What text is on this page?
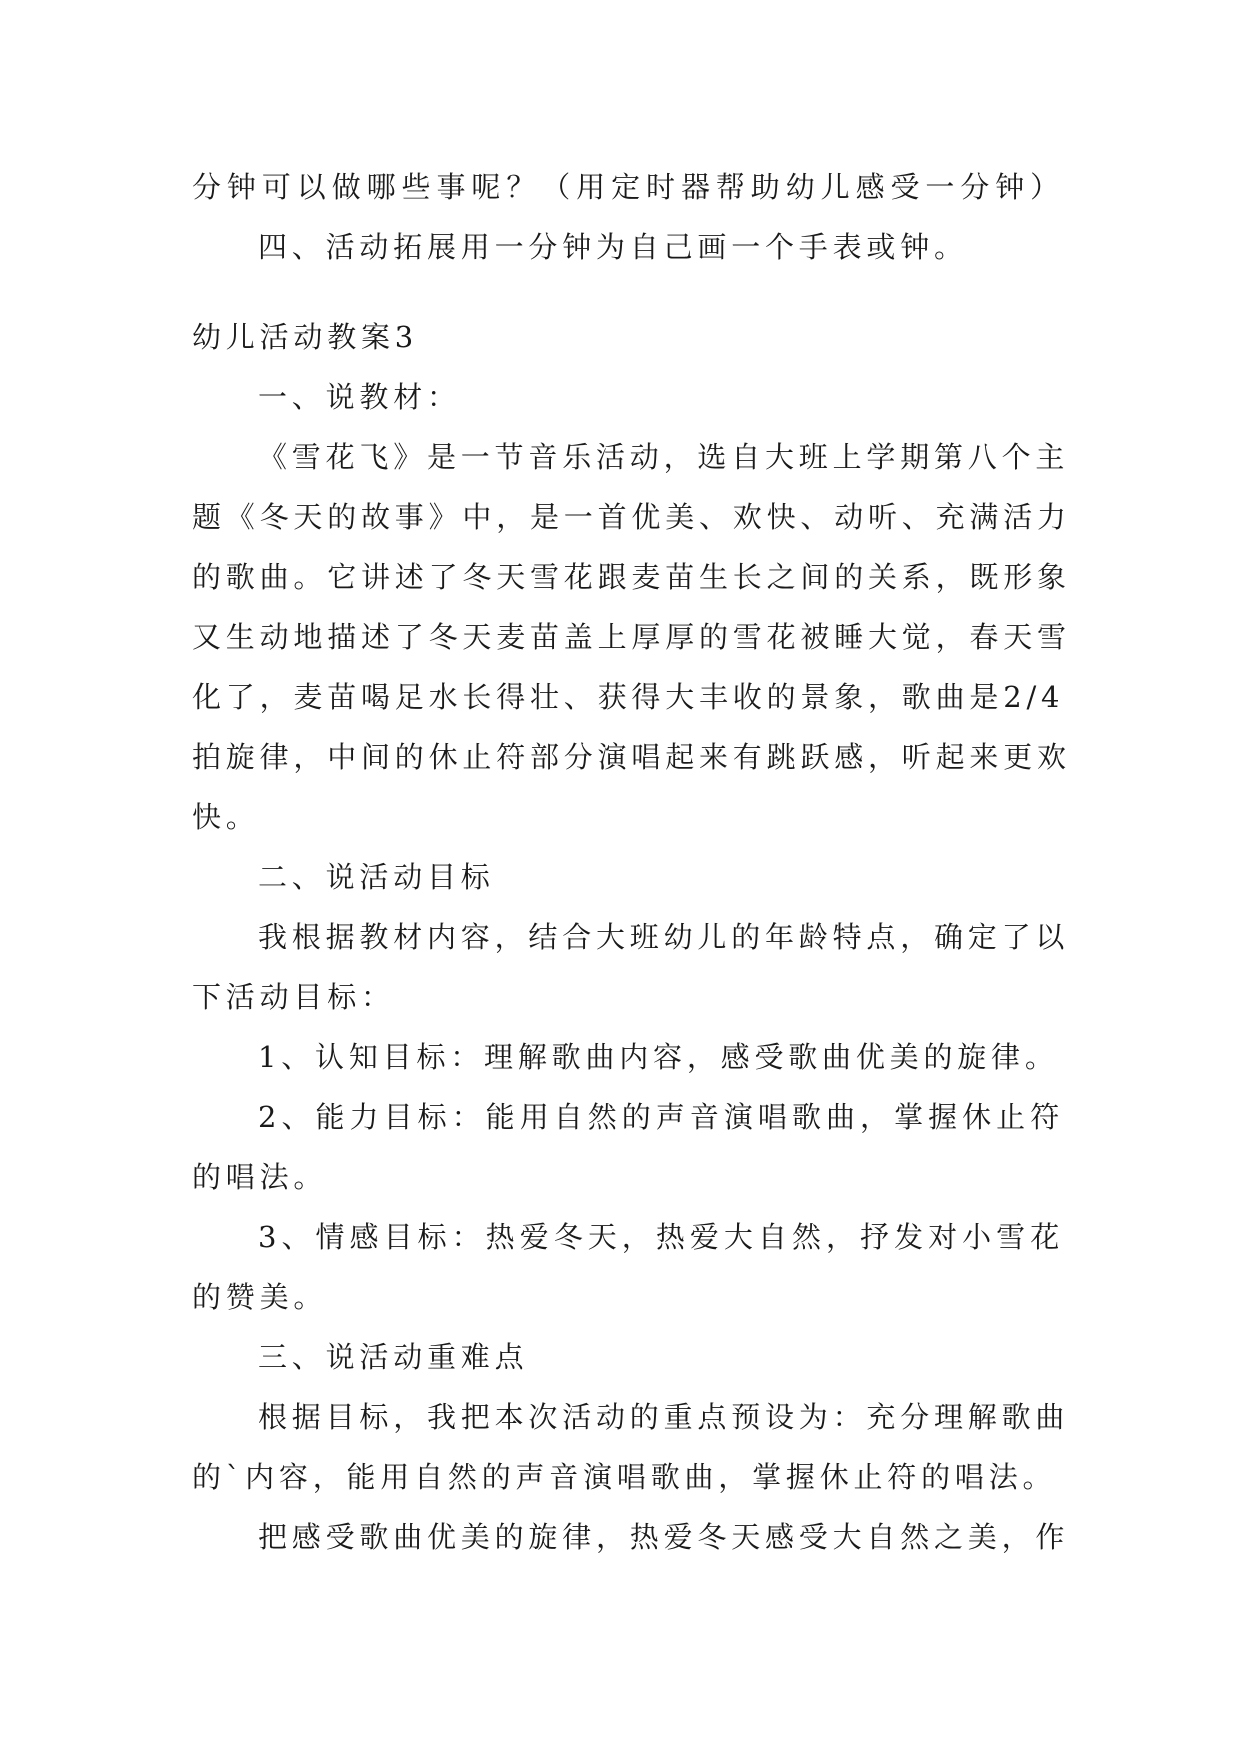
分钟可以做哪些事呢？（用定时器帮助幼儿感受一分钟）
四、活动拓展用一分钟为自己画一个手表或钟。
幼儿活动教案3
一、说教材：
《雪花飞》是一节音乐活动，选自大班上学期第八个主
题《冬天的故事》中，是一首优美、欢快、动听、充满活力
的歌曲。它讲述了冬天雪花跟麦苗生长之间的关系，既形象
又生动地描述了冬天麦苗盖上厚厚的雪花被睡大觉，春天雪
化了，麦苗喝足水长得壮、获得大丰收的景象，歌曲是2/4
拍旋律，中间的休止符部分演唱起来有跳跃感，听起来更欢
快。
二、说活动目标
我根据教材内容，结合大班幼儿的年龄特点，确定了以
下活动目标：
1、认知目标：理解歌曲内容，感受歌曲优美的旋律。
2、能力目标：能用自然的声音演唱歌曲，掌握休止符
的唱法。
3、情感目标：热爱冬天，热爱大自然，抒发对小雪花
的赞美。
三、说活动重难点
根据目标，我把本次活动的重点预设为：充分理解歌曲
的`内容，能用自然的声音演唱歌曲，掌握休止符的唱法。
把感受歌曲优美的旋律，热爱冬天感受大自然之美，作
